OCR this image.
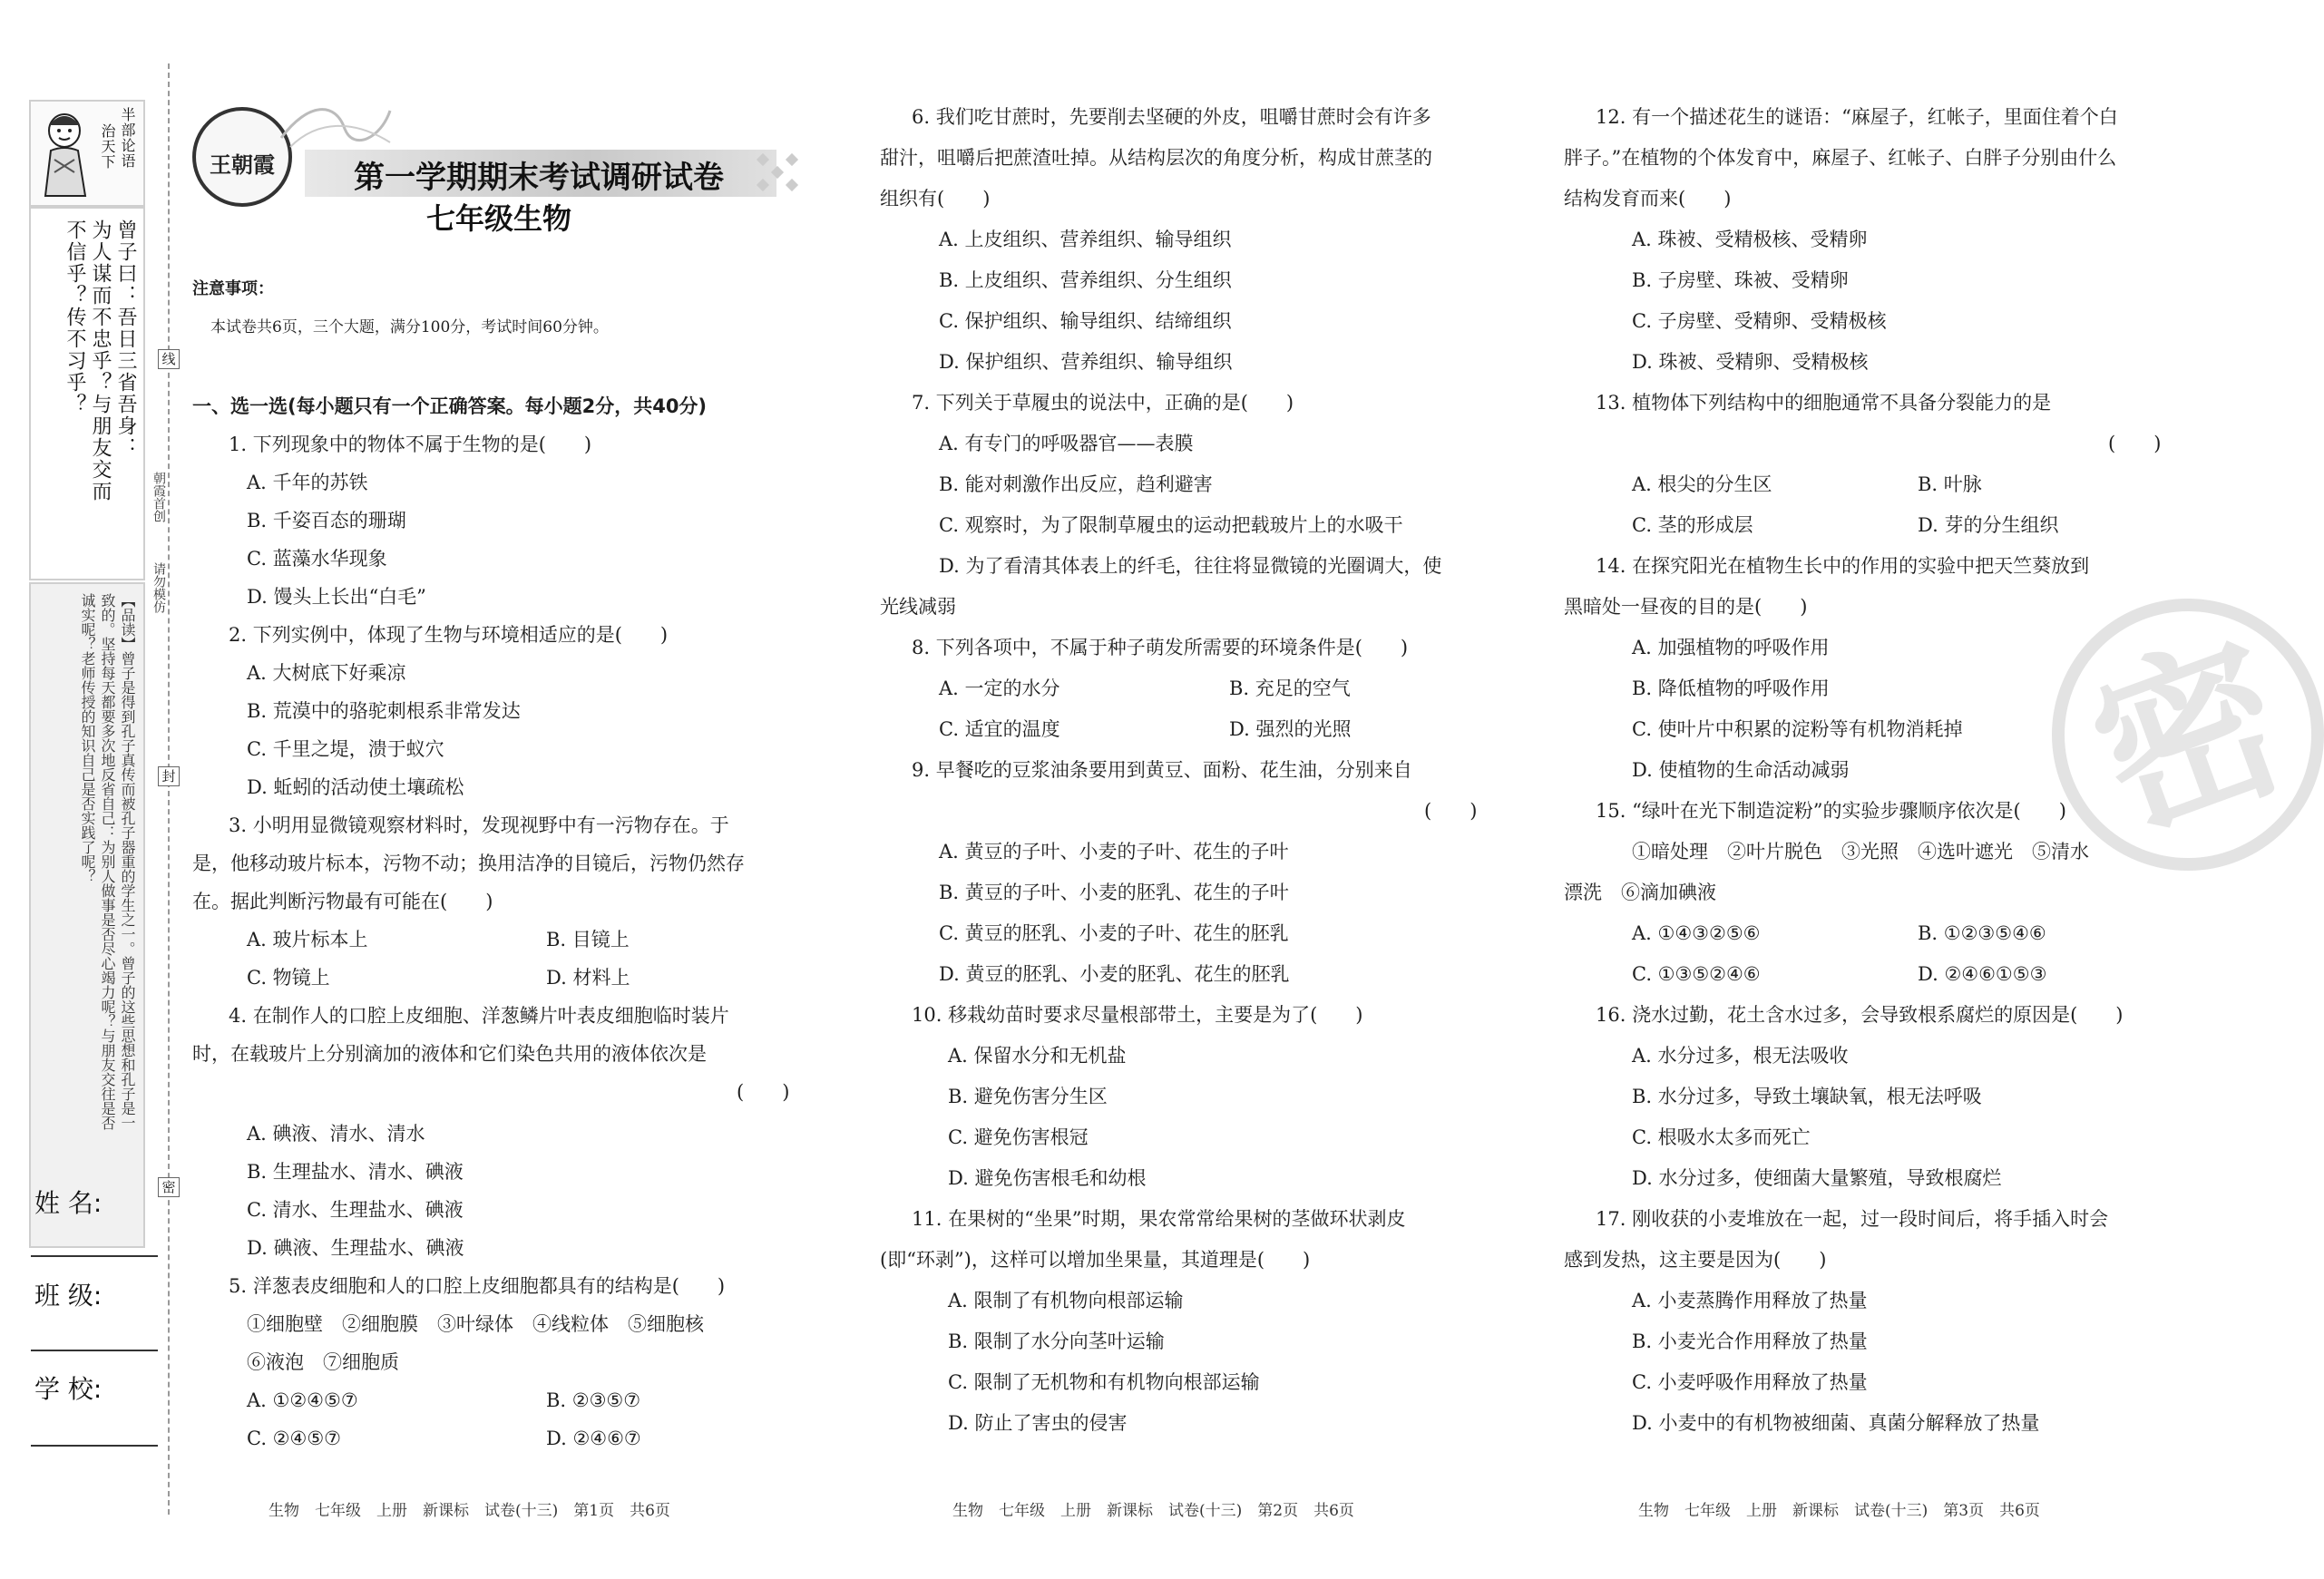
半部论语
治天下
曾子曰：吾日三省吾身：
为人谋而不忠乎？与朋友交而
不信乎？传不习乎？
【品读】曾子是得到孔子真传而被孔子器重的学生之一。曾子的这些思想和孔子是一
致的。坚持每天都要多次地反省自己：为别人做事是否尽心竭力呢？与朋友交往是否
诚实呢？老师传授的知识自己是否实践了呢？
姓 名:
班 级:
学 校:
线
封
密
朝霞首创
请勿模仿
王朝霞	第一学期期末考试调研试卷
七年级生物
注意事项：
本试卷共6页，三个大题，满分100分，考试时间60分钟。
一、选一选(每小题只有一个正确答案。每小题2分，共40分)
1. 下列现象中的物体不属于生物的是(　　)
A. 千年的苏铁
B. 千姿百态的珊瑚
C. 蓝藻水华现象
D. 馒头上长出“白毛”
2. 下列实例中，体现了生物与环境相适应的是(　　)
A. 大树底下好乘凉
B. 荒漠中的骆驼刺根系非常发达
C. 千里之堤，溃于蚁穴
D. 蚯蚓的活动使土壤疏松
3. 小明用显微镜观察材料时，发现视野中有一污物存在。于
是，他移动玻片标本，污物不动；换用洁净的目镜后，污物仍然存
在。据此判断污物最有可能在(　　)
A. 玻片标本上	B. 目镜上
C. 物镜上	D. 材料上
4. 在制作人的口腔上皮细胞、洋葱鳞片叶表皮细胞临时装片
时，在载玻片上分别滴加的液体和它们染色共用的液体依次是
(　　)
A. 碘液、清水、清水
B. 生理盐水、清水、碘液
C. 清水、生理盐水、碘液
D. 碘液、生理盐水、碘液
5. 洋葱表皮细胞和人的口腔上皮细胞都具有的结构是(　　)
①细胞壁　②细胞膜　③叶绿体　④线粒体　⑤细胞核
⑥液泡　⑦细胞质
A. ①②④⑤⑦	B. ②③⑤⑦
C. ②④⑤⑦	D. ②④⑥⑦
6. 我们吃甘蔗时，先要削去坚硬的外皮，咀嚼甘蔗时会有许多
甜汁，咀嚼后把蔗渣吐掉。从结构层次的角度分析，构成甘蔗茎的
组织有(　　)
A. 上皮组织、营养组织、输导组织
B. 上皮组织、营养组织、分生组织
C. 保护组织、输导组织、结缔组织
D. 保护组织、营养组织、输导组织
7. 下列关于草履虫的说法中，正确的是(　　)
A. 有专门的呼吸器官——表膜
B. 能对刺激作出反应，趋利避害
C. 观察时，为了限制草履虫的运动把载玻片上的水吸干
D. 为了看清其体表上的纤毛，往往将显微镜的光圈调大，使
光线减弱
8. 下列各项中，不属于种子萌发所需要的环境条件是(　　)
A. 一定的水分	B. 充足的空气
C. 适宜的温度	D. 强烈的光照
9. 早餐吃的豆浆油条要用到黄豆、面粉、花生油，分别来自
(　　)
A. 黄豆的子叶、小麦的子叶、花生的子叶
B. 黄豆的子叶、小麦的胚乳、花生的子叶
C. 黄豆的胚乳、小麦的子叶、花生的胚乳
D. 黄豆的胚乳、小麦的胚乳、花生的胚乳
10. 移栽幼苗时要求尽量根部带土，主要是为了(　　)
A. 保留水分和无机盐
B. 避免伤害分生区
C. 避免伤害根冠
D. 避免伤害根毛和幼根
11. 在果树的“坐果”时期，果农常常给果树的茎做环状剥皮
(即“环剥”)，这样可以增加坐果量，其道理是(　　)
A. 限制了有机物向根部运输
B. 限制了水分向茎叶运输
C. 限制了无机物和有机物向根部运输
D. 防止了害虫的侵害
12. 有一个描述花生的谜语：“麻屋子，红帐子，里面住着个白
胖子。”在植物的个体发育中，麻屋子、红帐子、白胖子分别由什么
结构发育而来(　　)
A. 珠被、受精极核、受精卵
B. 子房壁、珠被、受精卵
C. 子房壁、受精卵、受精极核
D. 珠被、受精卵、受精极核
13. 植物体下列结构中的细胞通常不具备分裂能力的是
(　　)
A. 根尖的分生区	B. 叶脉
C. 茎的形成层	D. 芽的分生组织
14. 在探究阳光在植物生长中的作用的实验中把天竺葵放到
黑暗处一昼夜的目的是(　　)
A. 加强植物的呼吸作用
B. 降低植物的呼吸作用
C. 使叶片中积累的淀粉等有机物消耗掉
D. 使植物的生命活动减弱
15. “绿叶在光下制造淀粉”的实验步骤顺序依次是(　　)
①暗处理　②叶片脱色　③光照　④选叶遮光　⑤清水
漂洗　⑥滴加碘液
A. ①④③②⑤⑥	B. ①②③⑤④⑥
C. ①③⑤②④⑥	D. ②④⑥①⑤③
16. 浇水过勤，花土含水过多，会导致根系腐烂的原因是(　　)
A. 水分过多，根无法吸收
B. 水分过多，导致土壤缺氧，根无法呼吸
C. 根吸水太多而死亡
D. 水分过多，使细菌大量繁殖，导致根腐烂
17. 刚收获的小麦堆放在一起，过一段时间后，将手插入时会
感到发热，这主要是因为(　　)
A. 小麦蒸腾作用释放了热量
B. 小麦光合作用释放了热量
C. 小麦呼吸作用释放了热量
D. 小麦中的有机物被细菌、真菌分解释放了热量
密
生物　七年级　上册　新课标　试卷(十三)　第1页　共6页	生物　七年级　上册　新课标　试卷(十三)　第2页　共6页	生物　七年级　上册　新课标　试卷(十三)　第3页　共6页
